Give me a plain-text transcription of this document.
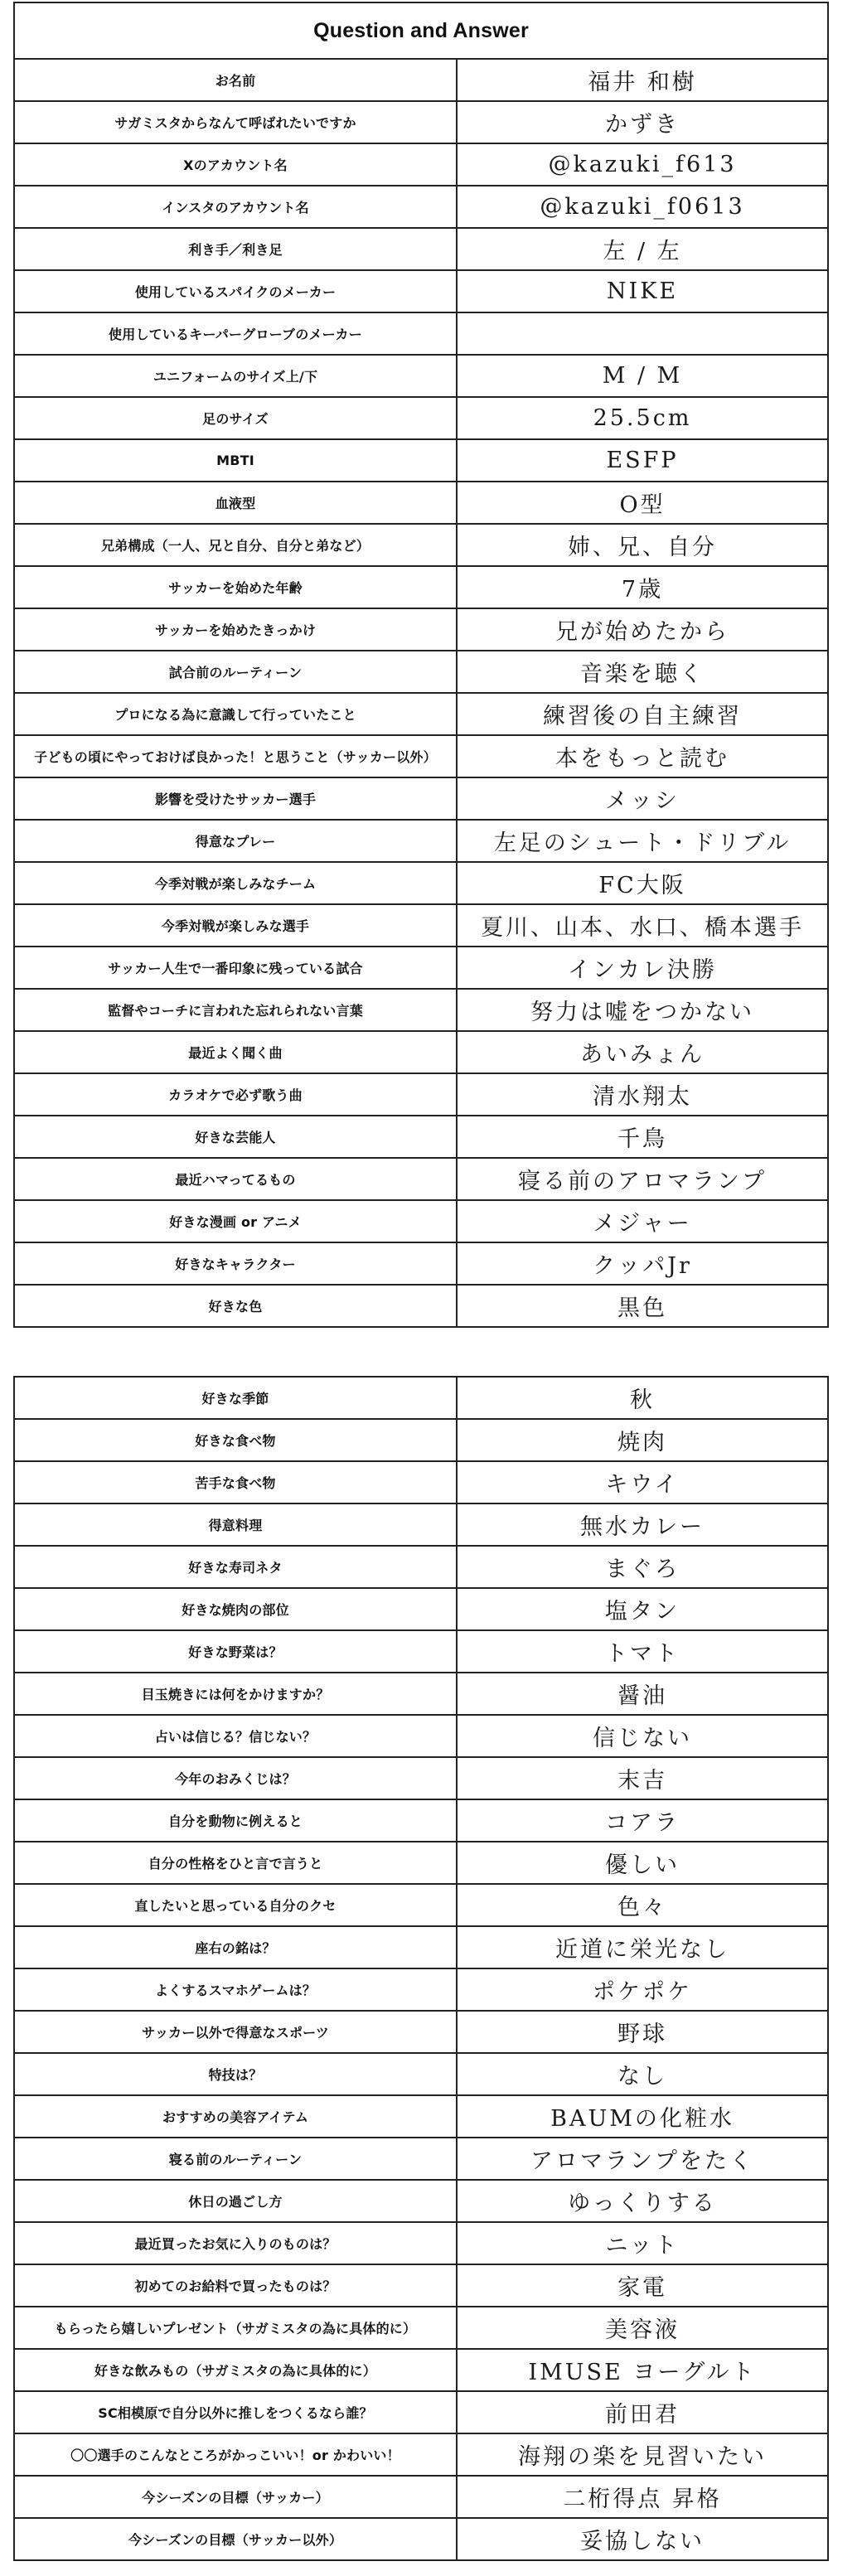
Question and Answer	
お名前	福井 和樹
サガミスタからなんて呼ばれたいですか	かずき
Xのアカウント名	@kazuki_f613
インスタのアカウント名	@kazuki_f0613
利き手／利き足	左 / 左
使用しているスパイクのメーカー	NIKE
使用しているキーパーグローブのメーカー	
ユニフォームのサイズ上/下	M / M
足のサイズ	25.5cm
MBTI	ESFP
血液型	O型
兄弟構成（一人、兄と自分、自分と弟など）	姉、兄、自分
サッカーを始めた年齢	7歳
サッカーを始めたきっかけ	兄が始めたから
試合前のルーティーン	音楽を聴く
プロになる為に意識して行っていたこと	練習後の自主練習
子どもの頃にやっておけば良かった！と思うこと（サッカー以外）	本をもっと読む
影響を受けたサッカー選手	メッシ
得意なプレー	左足のシュート・ドリブル
今季対戦が楽しみなチーム	FC大阪
今季対戦が楽しみな選手	夏川、山本、水口、橋本選手
サッカー人生で一番印象に残っている試合	インカレ決勝
監督やコーチに言われた忘れられない言葉	努力は嘘をつかない
最近よく聞く曲	あいみょん
カラオケで必ず歌う曲	清水翔太
好きな芸能人	千鳥
最近ハマってるもの	寝る前のアロマランプ
好きな漫画 or アニメ	メジャー
好きなキャラクター	クッパJr
好きな色	黒色
好きな季節	秋
好きな食べ物	焼肉
苦手な食べ物	キウイ
得意料理	無水カレー
好きな寿司ネタ	まぐろ
好きな焼肉の部位	塩タン
好きな野菜は？	トマト
目玉焼きには何をかけますか？	醤油
占いは信じる？信じない？	信じない
今年のおみくじは？	末吉
自分を動物に例えると	コアラ
自分の性格をひと言で言うと	優しい
直したいと思っている自分のクセ	色々
座右の銘は？	近道に栄光なし
よくするスマホゲームは？	ポケポケ
サッカー以外で得意なスポーツ	野球
特技は？	なし
おすすめの美容アイテム	BAUMの化粧水
寝る前のルーティーン	アロマランプをたく
休日の過ごし方	ゆっくりする
最近買ったお気に入りのものは？	ニット
初めてのお給料で買ったものは？	家電
もらったら嬉しいプレゼント（サガミスタの為に具体的に）	美容液
好きな飲みもの（サガミスタの為に具体的に）	IMUSE ヨーグルト
SC相模原で自分以外に推しをつくるなら誰？	前田君
〇〇選手のこんなところがかっこいい！or かわいい！	海翔の楽を見習いたい
今シーズンの目標（サッカー）	二桁得点 昇格
今シーズンの目標（サッカー以外）	妥協しない
